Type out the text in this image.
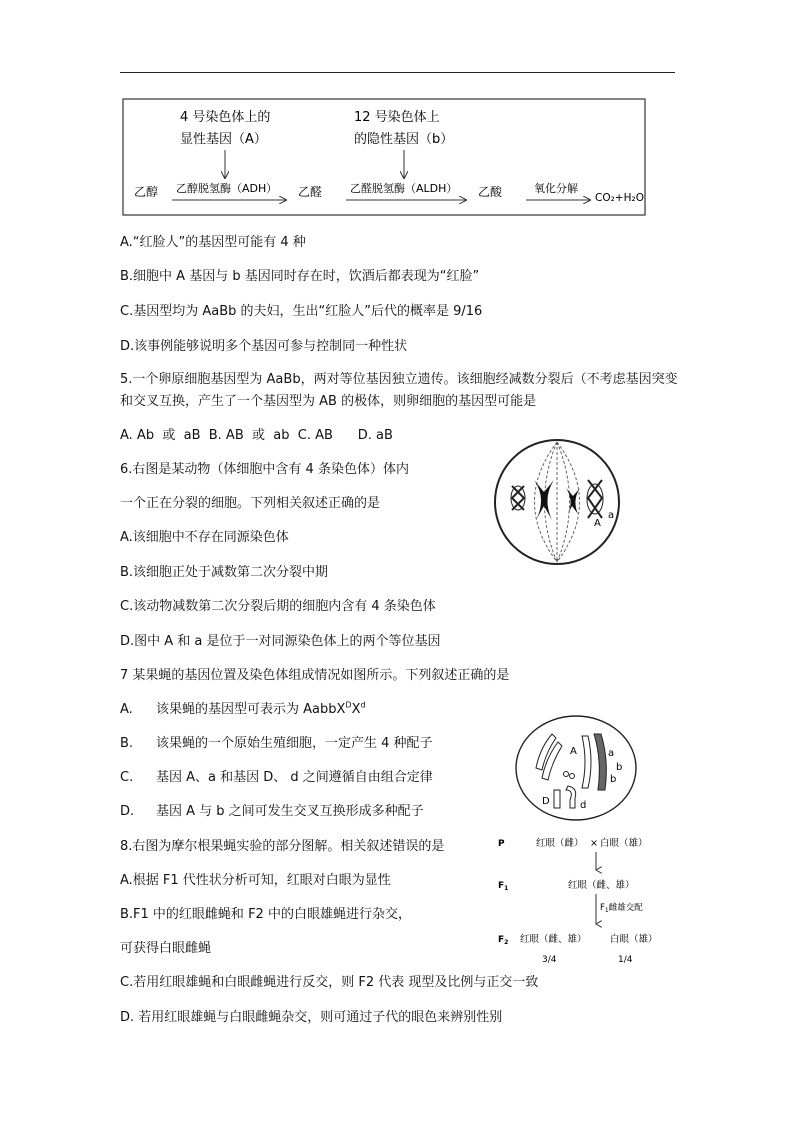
4 号染色体上的
显性基因（A）
12 号染色体上
的隐性基因（b）
乙醇 乙醇脱氢酶（ADH） 乙醛	乙醛脱氢酶（ALDH） 乙酸	氧化分解
CO₂+H₂O
A.“红脸人”的基因型可能有 4 种
B.细胞中 A 基因与 b 基因同时存在时，饮酒后都表现为“红脸”
C.基因型均为 AaBb 的夫妇，生出“红脸人”后代的概率是 9/16
D.该事例能够说明多个基因可参与控制同一种性状
5.一个卵原细胞基因型为 AaBb，两对等位基因独立遗传。该细胞经减数分裂后（不考虑基因突变和交叉互换，产生了一个基因型为 AB 的极体，则卵细胞的基因型可能是
A. Ab  或  aB  B. AB  或  ab  C. AB      D. aB
6.右图是某动物（体细胞中含有 4 条染色体）体内
一个正在分裂的细胞。下列相关叙述正确的是
A.该细胞中不存在同源染色体
B.该细胞正处于减数第二次分裂中期
C.该动物减数第二次分裂后期的细胞内含有 4 条染色体
D.图中 A 和 a 是位于一对同源染色体上的两个等位基因
A
a
7 某果蝇的基因位置及染色体组成情况如图所示。下列叙述正确的是
A. 该果蝇的基因型可表示为 $AabbX^DX^d$
B. 该果蝇的一个原始生殖细胞，一定产生 4 种配子
C. 基因 A、a 和基因 D、 d 之间遵循自由组合定律
D. 基因 A 与 b 之间可发生交叉互换形成多种配子
A	a
b
b
D	d
8.右图为摩尔根果蝇实验的部分图解。相关叙述错误的是
A.根据 F1 代性状分析可知，红眼对白眼为显性
B.F1 中的红眼雌蝇和 F2 中的白眼雄蝇进行杂交，
可获得白眼雌蝇
C.若用红眼雄蝇和白眼雌蝇进行反交，则 F2 代表 现型及比例与正交一致
D. 若用红眼雄蝇与白眼雌蝇杂交，则可通过子代的眼色来辨别性别
P	红眼（雌） × 白眼（雄）
$F_1$	红眼（雌、雄）
$F_1$雌雄交配
$F_2$ 红眼（雌、雄） 白眼（雄）
3/4	1/4
